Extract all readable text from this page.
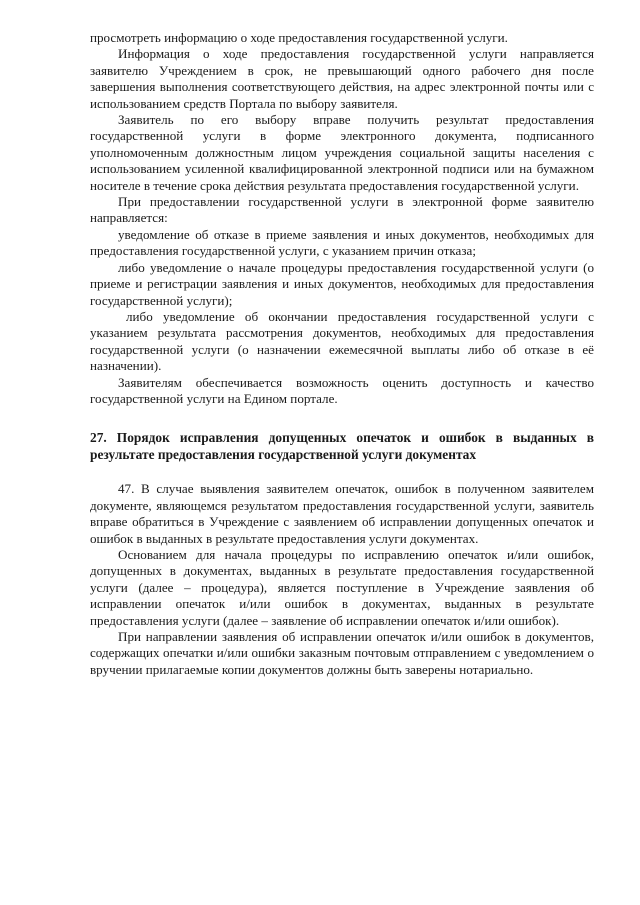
просмотреть информацию о ходе предоставления государственной услуги.

Информация о ходе предоставления государственной услуги направляется заявителю Учреждением в срок, не превышающий одного рабочего дня после завершения выполнения соответствующего действия, на адрес электронной почты или с использованием средств Портала по выбору заявителя.

Заявитель по его выбору вправе получить результат предоставления государственной услуги в форме электронного документа, подписанного уполномоченным должностным лицом учреждения социальной защиты населения с использованием усиленной квалифицированной электронной подписи или на бумажном носителе в течение срока действия результата предоставления государственной услуги.

При предоставлении государственной услуги в электронной форме заявителю направляется:

уведомление об отказе в приеме заявления и иных документов, необходимых для предоставления государственной услуги, с указанием причин отказа;

либо уведомление о начале процедуры предоставления государственной услуги (о приеме и регистрации заявления и иных документов, необходимых для предоставления государственной услуги);

либо уведомление об окончании предоставления государственной услуги с указанием результата рассмотрения документов, необходимых для предоставления государственной услуги (о назначении ежемесячной выплаты либо об отказе в её назначении).

Заявителям обеспечивается возможность оценить доступность и качество государственной услуги на Едином портале.

27. Порядок исправления допущенных опечаток и ошибок в выданных в результате предоставления государственной услуги документах

47. В случае выявления заявителем опечаток, ошибок в полученном заявителем документе, являющемся результатом предоставления государственной услуги, заявитель вправе обратиться в Учреждение с заявлением об исправлении допущенных опечаток и ошибок в выданных в результате предоставления услуги документах.

Основанием для начала процедуры по исправлению опечаток и/или ошибок, допущенных в документах, выданных в результате предоставления государственной услуги (далее – процедура), является поступление в Учреждение заявления об исправлении опечаток и/или ошибок в документах, выданных в результате предоставления услуги (далее – заявление об исправлении опечаток и/или ошибок).

При направлении заявления об исправлении опечаток и/или ошибок в документов, содержащих опечатки и/или ошибки заказным почтовым отправлением с уведомлением о вручении прилагаемые копии документов должны быть заверены нотариально.
